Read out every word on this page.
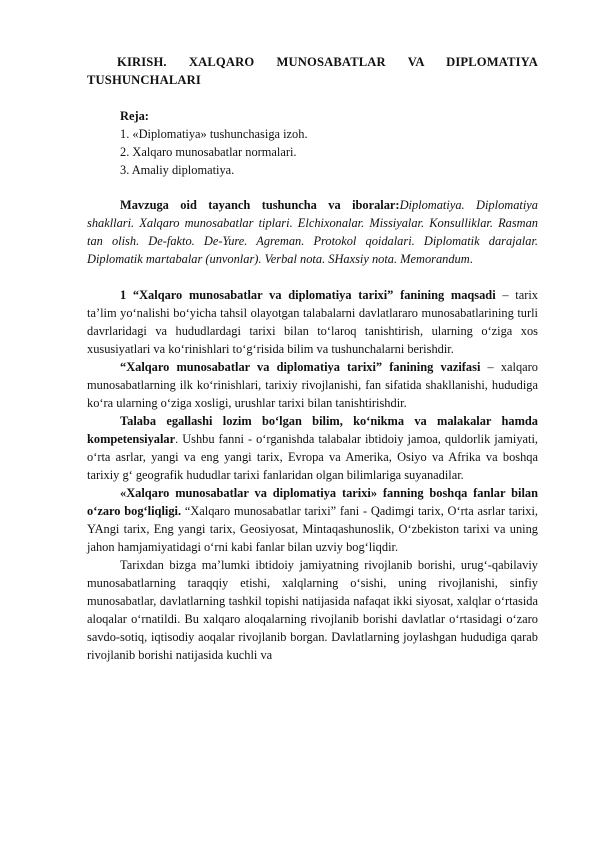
KIRISH. XALQARO MUNOSABATLAR VA DIPLOMATIYA TUSHUNCHALARI
Reja:
1. «Diplomatiya» tushunchasiga izoh.
2. Xalqaro munosabatlar normalari.
3. Amaliy diplomatiya.

Mavzuga oid tayanch tushuncha va iboralar:Diplomatiya. Diplomatiya shakllari. Xalqaro munosabatlar tiplari. Elchixonalar. Missiyalar. Konsulliklar. Rasman tan olish. De-fakto. De-Yure. Agreman. Protokol qoidalari. Diplomatik darajalar. Diplomatik martabalar (unvonlar). Verbal nota. SHaxsiy nota. Memorandum.

1 “Xalqaro munosabatlar va diplomatiya tarixi” fanining maqsadi – tarix ta’lim yo‘nalishi bo‘yicha tahsil olayotgan talabalarni davlatlararo munosabatlarining turli davrlaridagi va hududlardagi tarixi bilan to‘laroq tanishtirish, ularning o‘ziga xos xususiyatlari va ko‘rinishlari to‘g‘risida bilim va tushunchalarni berishdir.

“Xalqaro munosabatlar va diplomatiya tarixi” fanining vazifasi – xalqaro munosabatlarning ilk ko‘rinishlari, tarixiy rivojlanishi, fan sifatida shakllanishi, hududiga ko‘ra ularning o‘ziga xosligi, urushlar tarixi bilan tanishtirishdir.

Talaba egallashi lozim bo‘lgan bilim, ko‘nikma va malakalar hamda kompetensiyalar. Ushbu fanni - o‘rganishda talabalar ibtidoiy jamoa, quldorlik jamiyati, o‘rta asrlar, yangi va eng yangi tarix, Evropa va Amerika, Osiyo va Afrika va boshqa tarixiy g‘ geografik hududlar tarixi fanlaridan olgan bilimlariga suyanadilar.

«Xalqaro munosabatlar va diplomatiya tarixi» fanning boshqa fanlar bilan o‘zaro bog‘liqligi. “Xalqaro munosabatlar tarixi” fani - Qadimgi tarix, O‘rta asrlar tarixi, YAngi tarix, Eng yangi tarix, Geosiyosat, Mintaqashunoslik, O‘zbekiston tarixi va uning jahon hamjamiyatidagi o‘rni kabi fanlar bilan uzviy bog‘liqdir.

Tarixdan bizga ma’lumki ibtidoiy jamiyatning rivojlanib borishi, urug‘-qabilaviy munosabatlarning taraqqiy etishi, xalqlarning o‘sishi, uning rivojlanishi, sinfiy munosabatlar, davlatlarning tashkil topishi natijasida nafaqat ikki siyosat, xalqlar o‘rtasida aloqalar o‘rnatildi. Bu xalqaro aloqalarning rivojlanib borishi davlatlar o‘rtasidagi o‘zaro savdo-sotiq, iqtisodiy aoqalar rivojlanib borgan. Davlatlarning joylashgan hududiga qarab rivojlanib borishi natijasida kuchli va
